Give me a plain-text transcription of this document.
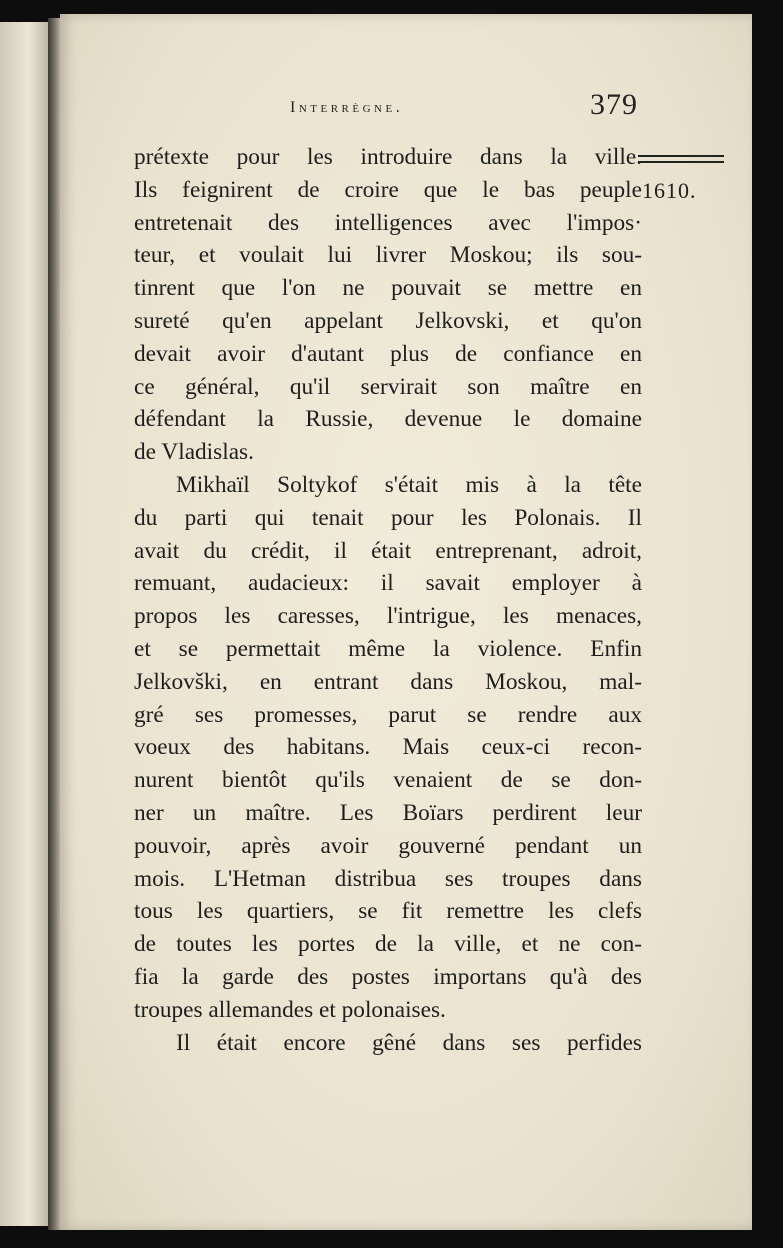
Interrègne.	379
1610.
prétexte pour les introduire dans la ville.
Ils feignirent de croire que le bas peuple
entretenait des intelligences avec l'impos·
teur, et voulait lui livrer Moskou; ils sou-
tinrent que l'on ne pouvait se mettre en
sureté qu'en appelant Jelkovski, et qu'on
devait avoir d'autant plus de confiance en
ce général, qu'il servirait son maître en
défendant la Russie, devenue le domaine
de Vladislas.
Mikhaïl Soltykof s'était mis à la tête
du parti qui tenait pour les Polonais. Il
avait du crédit, il était entreprenant, adroit,
remuant, audacieux: il savait employer à
propos les caresses, l'intrigue, les menaces,
et se permettait même la violence. Enfin
Jelkovški, en entrant dans Moskou, mal-
gré ses promesses, parut se rendre aux
voeux des habitans. Mais ceux-ci recon-
nurent bientôt qu'ils venaient de se don-
ner un maître. Les Boïars perdirent leur
pouvoir, après avoir gouverné pendant un
mois. L'Hetman distribua ses troupes dans
tous les quartiers, se fit remettre les clefs
de toutes les portes de la ville, et ne con-
fia la garde des postes importans qu'à des
troupes allemandes et polonaises.
Il était encore gêné dans ses perfides
